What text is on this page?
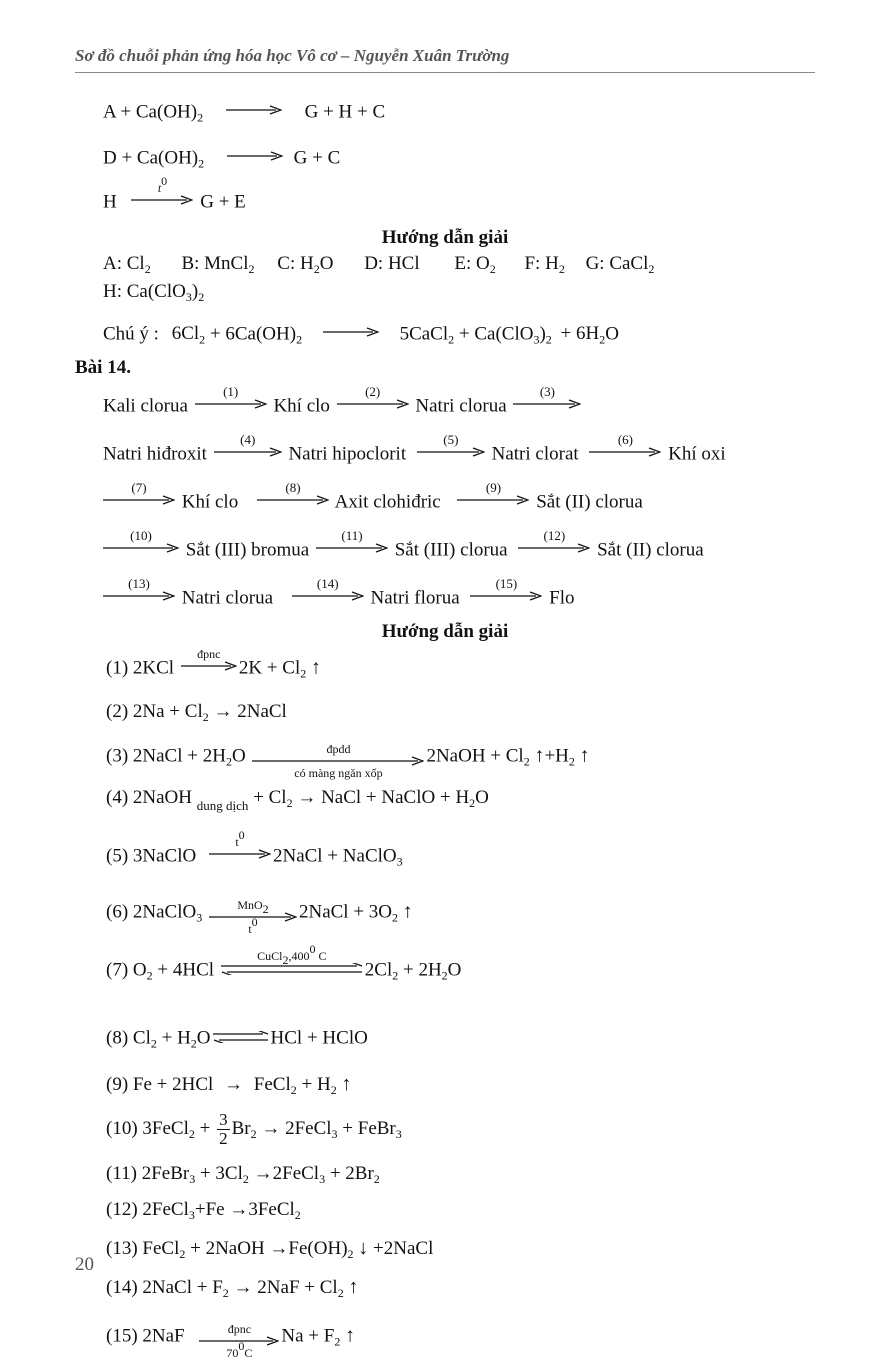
Sơ đồ chuỗi phản ứng hóa học Vô cơ – Nguyễn Xuân Trường
$A + Ca(OH)_2 \to G + H + C$
$D + Ca(OH)_2 \to G + C$
H
$t^0$
G + E
Hướng dẫn giải
A: $Cl_2$ B: MnCl$_2$ C: $H_2O$ D: HCl E: $O_2$ F: $H_2$ G: CaCl$_2$
H: $Ca(ClO_3)_2$
Chú ý : $6Cl_2 + 6Ca(OH)_2$ → 5CaCl$_2$ + $Ca(ClO_3)_2 + 6H_2O$
Bài 14.
Kali clorua
(1)
Khí clo
(2)
Natri clorua
(3)
Natri hiđroxit
(4)
Natri hipoclorit
(5)
Natri clorat
(6)
Khí oxi
(7)
Khí clo
(8)
Axit clohiđric
(9)
Sắt (II) clorua
(10)
Sắt (III) bromua
(11)
Sắt (III) clorua
(12)
Sắt (II) clorua
(13)
Natri clorua
(14)
Natri florua
(15)
Flo
Hướng dẫn giải
(1) 2KCl
đpnc
$2K + Cl_2$ ↑
(2) $2Na + Cl_2$ → 2NaCl
(3) 2NaCl + $2H_2O$	đpdd
có màng ngăn xốp
2NaOH + $Cl_2$ $↑+H_2$ ↑
(4) 2NaOH $_{dung dịch} + Cl_2$ → NaCl + NaClO + $H_2O$
(5) 3NaClO
$t^0$
2NaCl + NaClO$_3$
(6) 2NaClO$_3$
MnO$_2$
$t^0$ 2NaCl + $3O_2$ ↑
(7) $O_2 + 4HCl$
$CuCl_2,400^0$ C
$2Cl_2 + 2H_2O$
(8) $Cl_2 + H_2O$	HCl + HClO
(9) Fe + 2HCl → FeCl$_2$ + $H_2$ ↑
(10) 3FeCl$_2$ + $\frac{3}{2} Br_2$ → 2FeCl$_3$ + FeBr$_3$
(11) 2FeBr$_3$ + $3Cl_2$ →2FeCl$_3$ + $2Br_2$
(12) 2FeCl$_3$+Fe →3FeCl$_2$
(13) FeCl$_2$ + 2NaOH $\to Fe(OH)_2$ ↓ +2NaCl
(14) 2NaCl + $F_2 \to 2NaF + Cl_2$ ↑
(15) 2NaF	đpnc
$70^0C$
$Na + F_2$ ↑
20
